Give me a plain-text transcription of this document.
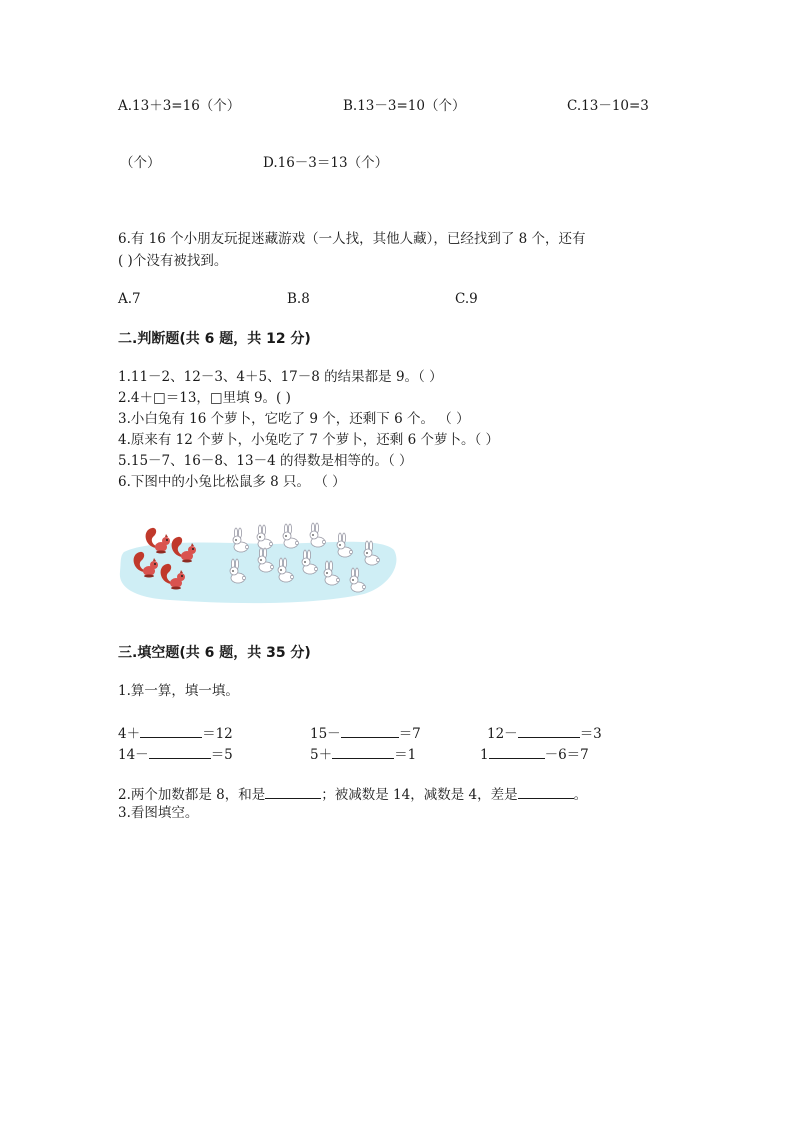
A.13＋3=16（个）	B.13－3=10（个）	C.13－10=3
（个）	D.16－3＝13（个）
6.有 16 个小朋友玩捉迷藏游戏（一人找，其他人藏），已经找到了 8 个，还有
( )个没有被找到。
A.7	B.8	C.9
二.判断题(共 6 题，共 12 分)
1.11－2、12－3、4＋5、17－8 的结果都是 9。（ ）
2.4＋□＝13，□里填 9。( )
3.小白兔有 16 个萝卜，它吃了 9 个，还剩下 6 个。 （ ）
4.原来有 12 个萝卜，小兔吃了 7 个萝卜，还剩 6 个萝卜。（ ）
5.15－7、16－8、13－4 的得数是相等的。（ ）
6.下图中的小兔比松鼠多 8 只。 （ ）
三.填空题(共 6 题，共 35 分)
1.算一算，填一填。
4＋	＝12	15－	＝7	12－	＝3
14－	＝5	5＋	＝1	1	－6＝7
2.两个加数都是 8，和是	；被减数是 14，减数是 4，差是	。
3.看图填空。
